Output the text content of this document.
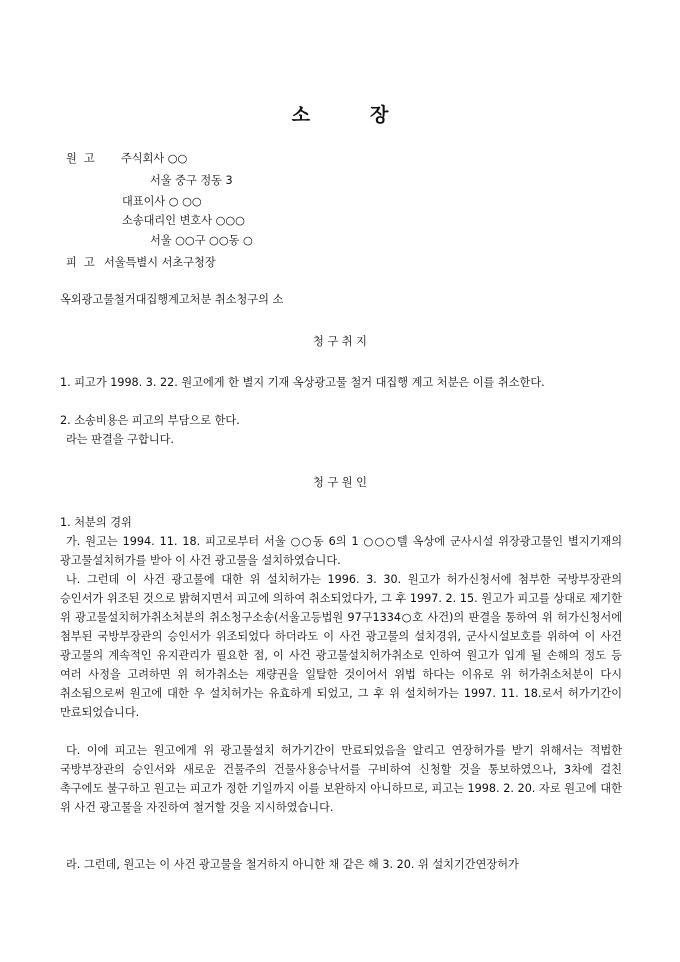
소	장
원  고 주식회사 ○○
서울 중구 정동 3
대표이사 ○ ○○
소송대리인 변호사 ○○○
서울 ○○구 ○○동 ○
피  고 서울특별시 서초구청장
옥외광고물철거대집행계고처분 취소청구의 소
청 구 취 지
1. 피고가 1998. 3. 22. 원고에게 한 별지 기재 옥상광고물 철거 대집행 계고 처분은 이를 취소한다.
2. 소송비용은 피고의 부담으로 한다.
라는 판결을 구합니다.
청 구 원 인
1. 처분의 경위
가. 원고는 1994. 11. 18. 피고로부터 서울 ○○동 6의 1 ○○○텔 옥상에 군사시설 위장광고물인 별지기재의 광고물설치허가를 받아 이 사건 광고물을 설치하였습니다.
나. 그런데 이 사건 광고물에 대한 위 설치허가는 1996. 3. 30. 원고가 허가신청서에 첨부한 국방부장관의 승인서가 위조된 것으로 밝혀지면서 피고에 의하여 취소되었다가, 그 후 1997. 2. 15. 원고가 피고를 상대로 제기한 위 광고물설치허가취소처분의 취소청구소송(서울고등법원 97구1334○호 사건)의 판결을 통하여 위 허가신청서에 첨부된 국방부장관의 승인서가 위조되었다 하더라도 이 사건 광고물의 설치경위, 군사시설보호를 위하여 이 사건 광고물의 계속적인 유지관리가 필요한 점, 이 사건 광고물설치허가취소로 인하여 원고가 입게 될 손해의 정도 등 여러 사정을 고려하면 위 허가취소는 재량권을 일탈한 것이어서 위법 하다는 이유로 위 허가취소처분이 다시 취소됨으로써 원고에 대한 우 설치허가는 유효하게 되었고, 그 후 위 설치허가는 1997. 11. 18.로서 허가기간이 만료되었습니다.
다. 이에 피고는 원고에게 위 광고물설치 허가기간이 만료되었음을 알리고 연장허가를 받기 위해서는 적법한 국방부장관의 승인서와 새로운 건물주의 건물사용승낙서를 구비하여 신청할 것을 통보하였으나, 3차에 걸친 촉구에도 불구하고 원고는 피고가 정한 기일까지 이를 보완하지 아니하므로, 피고는 1998. 2. 20. 자로 원고에 대한 위 사건 광고물을 자진하여 철거할 것을 지시하였습니다.
라. 그런데, 원고는 이 사건 광고물을 철거하지 아니한 채 같은 해 3. 20. 위 설치기간연장허가
